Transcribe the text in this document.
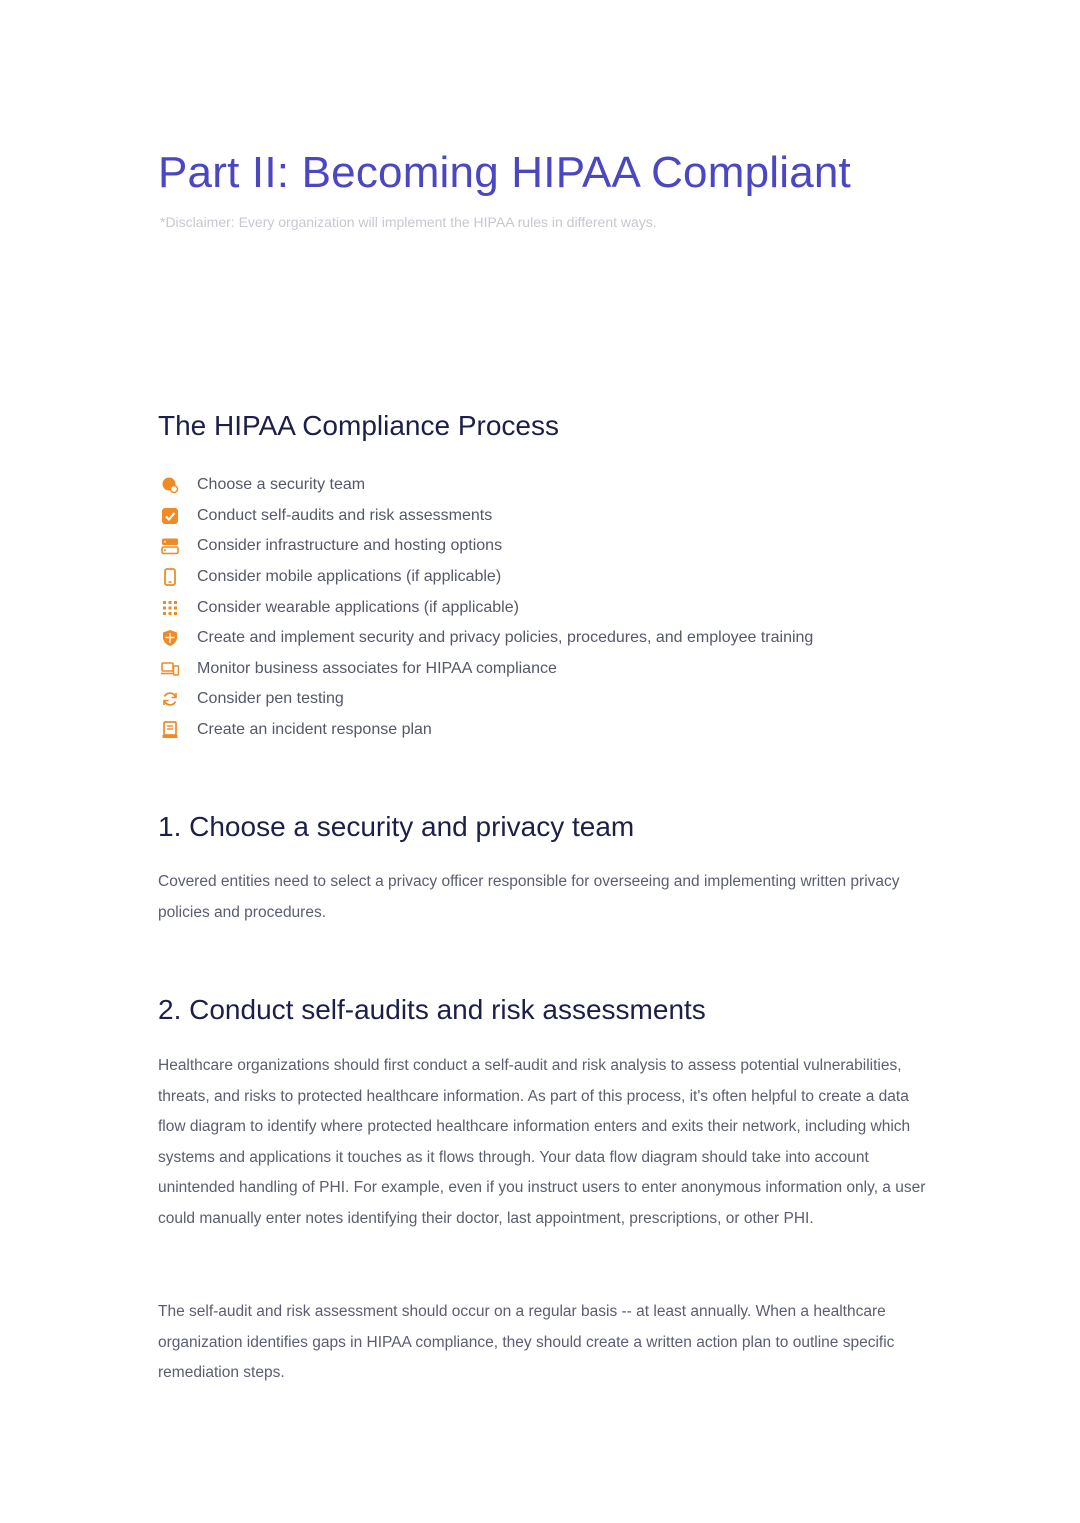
Part II: Becoming HIPAA Compliant
*Disclaimer: Every organization will implement the HIPAA rules in different ways.
The HIPAA Compliance Process
Choose a security team
Conduct self-audits and risk assessments
Consider infrastructure and hosting options
Consider mobile applications (if applicable)
Consider wearable applications (if applicable)
Create and implement security and privacy policies, procedures, and employee training
Monitor business associates for HIPAA compliance
Consider pen testing
Create an incident response plan
1. Choose a security and privacy team

Covered entities need to select a privacy officer responsible for overseeing and implementing written privacy policies and procedures.

2. Conduct self-audits and risk assessments

Healthcare organizations should first conduct a self-audit and risk analysis to assess potential vulnerabilities, threats, and risks to protected healthcare information. As part of this process, it's often helpful to create a data flow diagram to identify where protected healthcare information enters and exits their network, including which systems and applications it touches as it flows through. Your data flow diagram should take into account unintended handling of PHI. For example, even if you instruct users to enter anonymous information only, a user could manually enter notes identifying their doctor, last appointment, prescriptions, or other PHI.

The self-audit and risk assessment should occur on a regular basis -- at least annually. When a healthcare organization identifies gaps in HIPAA compliance, they should create a written action plan to outline specific remediation steps.
